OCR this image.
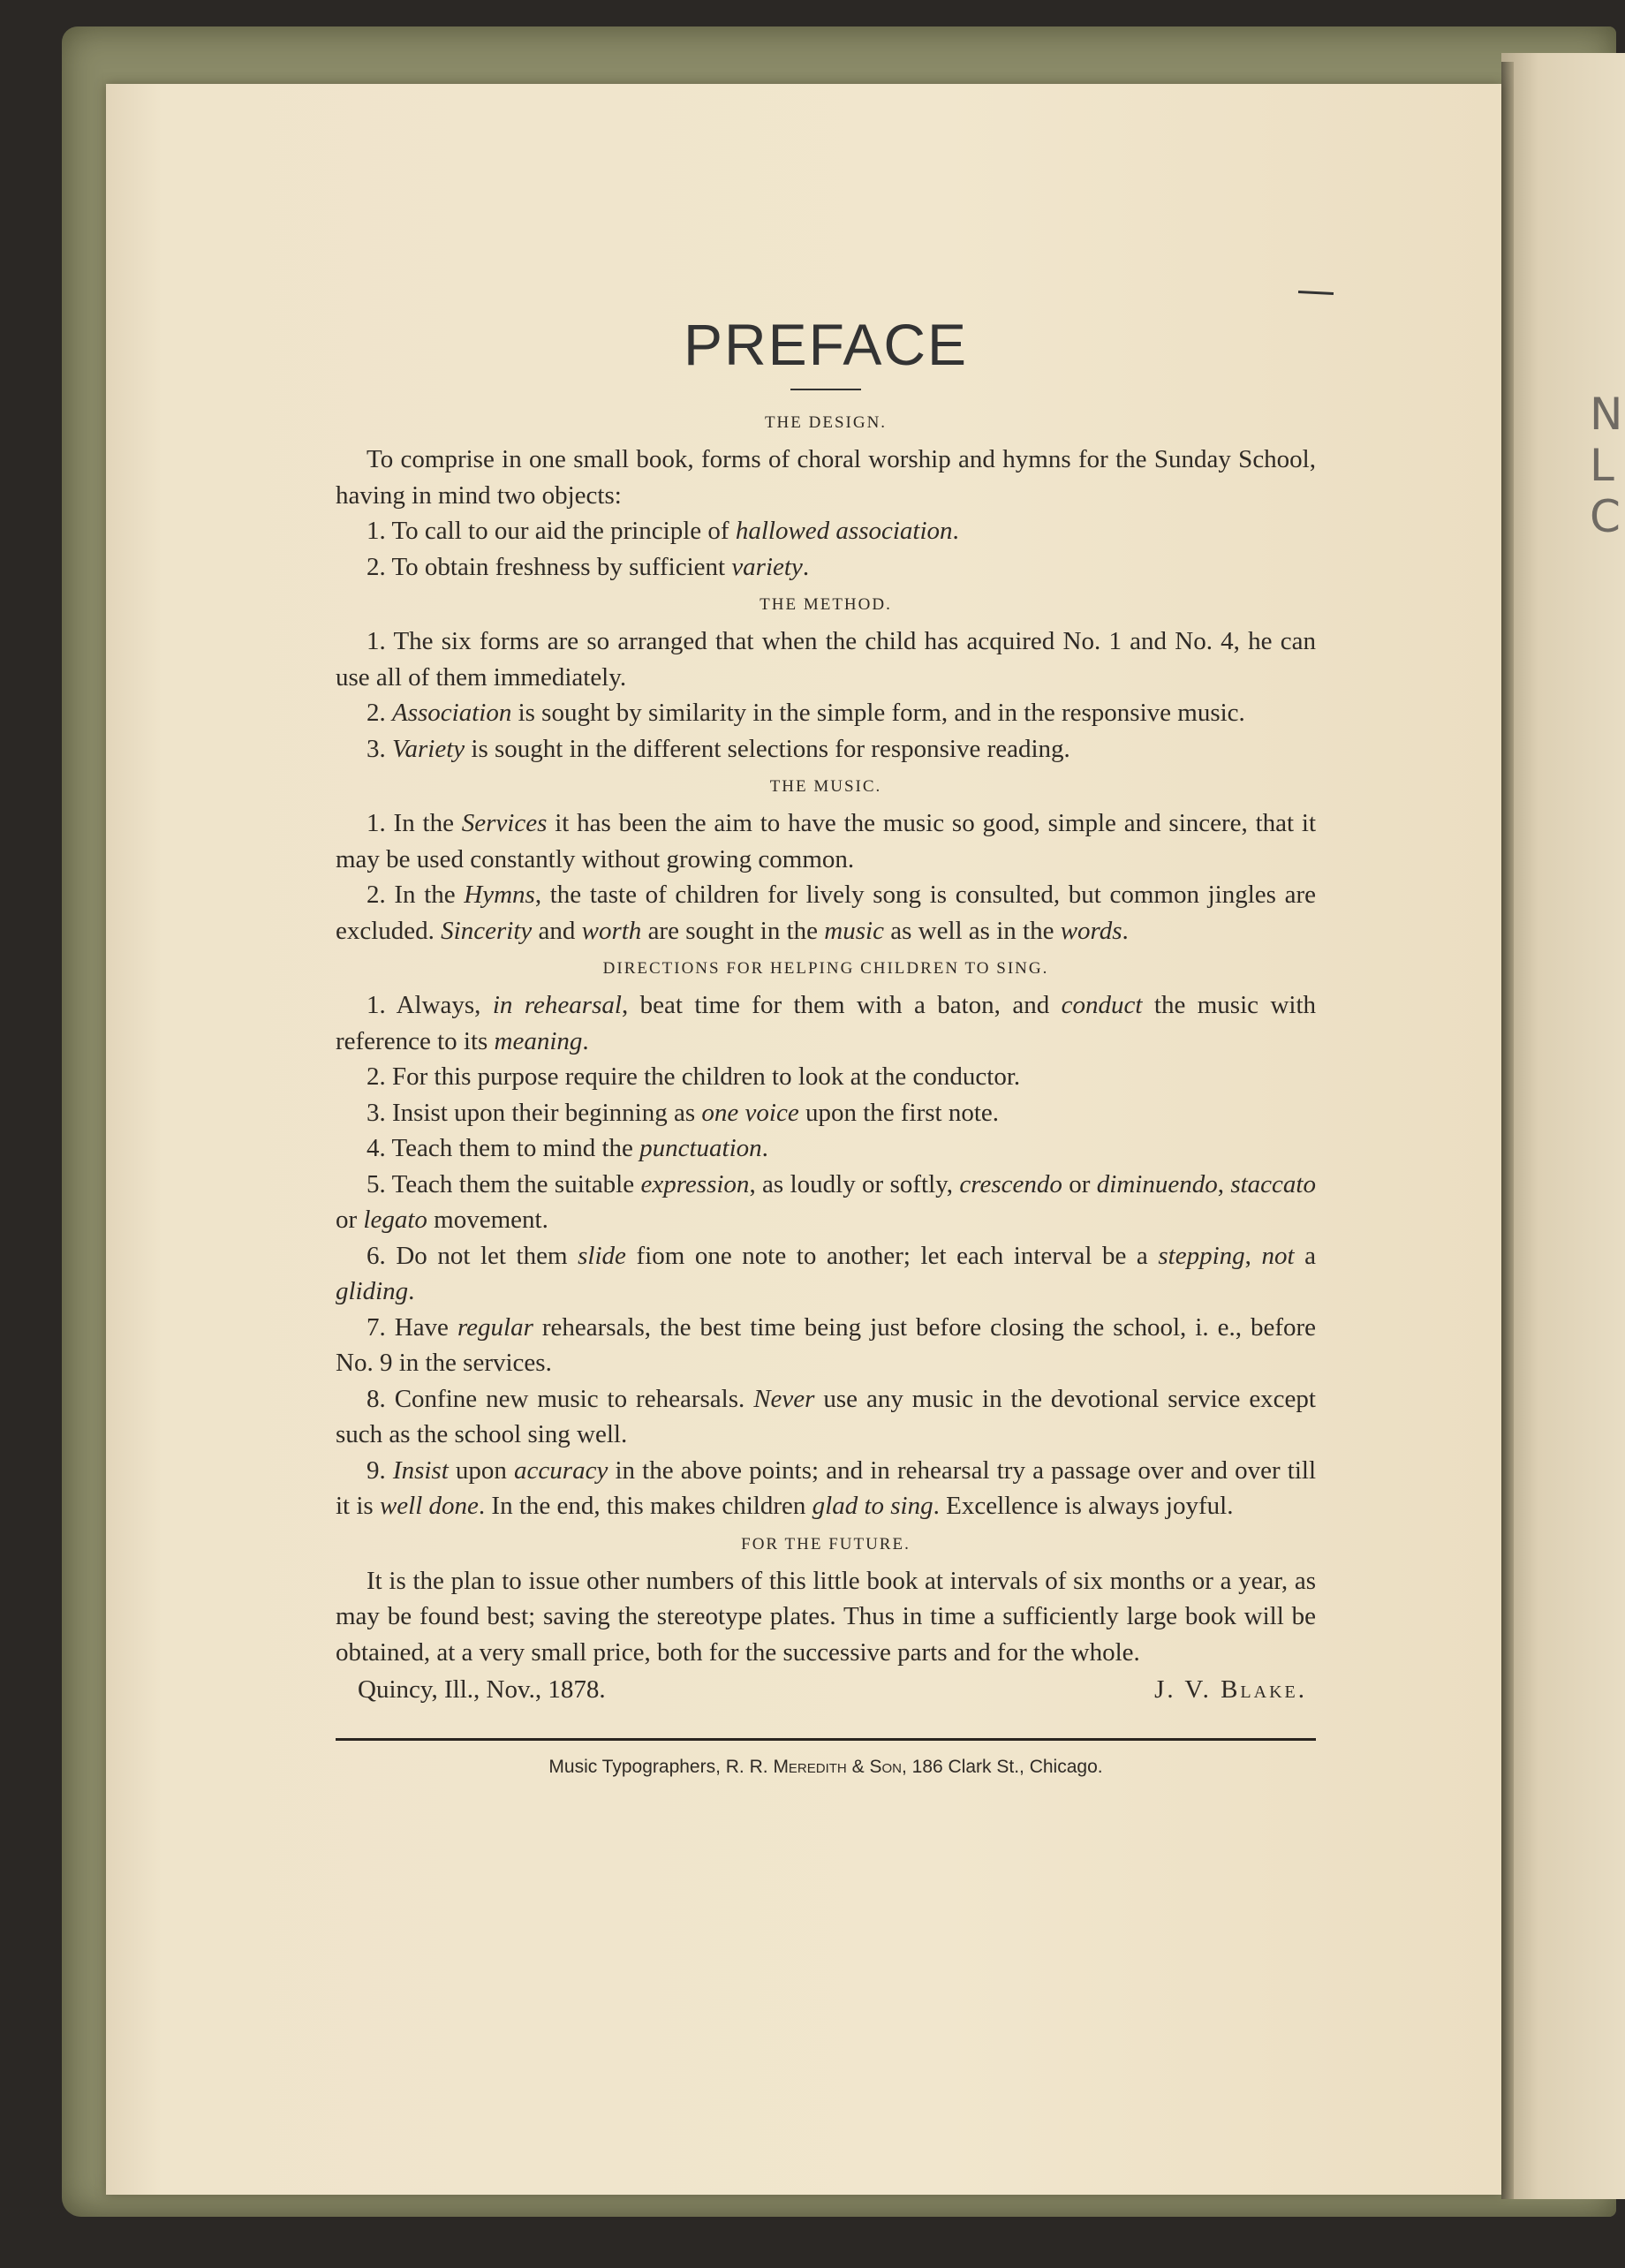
N
L
C
PREFACE
THE DESIGN.

To comprise in one small book, forms of choral worship and hymns for the Sunday School, having in mind two objects:

1. To call to our aid the principle of hallowed association.

2. To obtain freshness by sufficient variety.

THE METHOD.

1. The six forms are so arranged that when the child has acquired No. 1 and No. 4, he can use all of them immediately.

2. Association is sought by similarity in the simple form, and in the responsive music.

3. Variety is sought in the different selections for responsive reading.

THE MUSIC.

1. In the Services it has been the aim to have the music so good, simple and sincere, that it may be used constantly without growing common.

2. In the Hymns, the taste of children for lively song is consulted, but common jingles are excluded. Sincerity and worth are sought in the music as well as in the words.

DIRECTIONS FOR HELPING CHILDREN TO SING.

1. Always, in rehearsal, beat time for them with a baton, and conduct the music with reference to its meaning.

2. For this purpose require the children to look at the conductor.

3. Insist upon their beginning as one voice upon the first note.

4. Teach them to mind the punctuation.

5. Teach them the suitable expression, as loudly or softly, crescendo or diminuendo, staccato or legato movement.

6. Do not let them slide fiom one note to another; let each interval be a stepping, not a gliding.

7. Have regular rehearsals, the best time being just before closing the school, i. e., before No. 9 in the services.

8. Confine new music to rehearsals. Never use any music in the devotional service except such as the school sing well.

9. Insist upon accuracy in the above points; and in rehearsal try a passage over and over till it is well done. In the end, this makes children glad to sing. Excellence is always joyful.

FOR THE FUTURE.

It is the plan to issue other numbers of this little book at intervals of six months or a year, as may be found best; saving the stereotype plates. Thus in time a sufficiently large book will be obtained, at a very small price, both for the successive parts and for the whole.

Quincy, Ill., Nov., 1878.	J. V. Blake.
Music Typographers, R. R. Meredith & Son, 186 Clark St., Chicago.
